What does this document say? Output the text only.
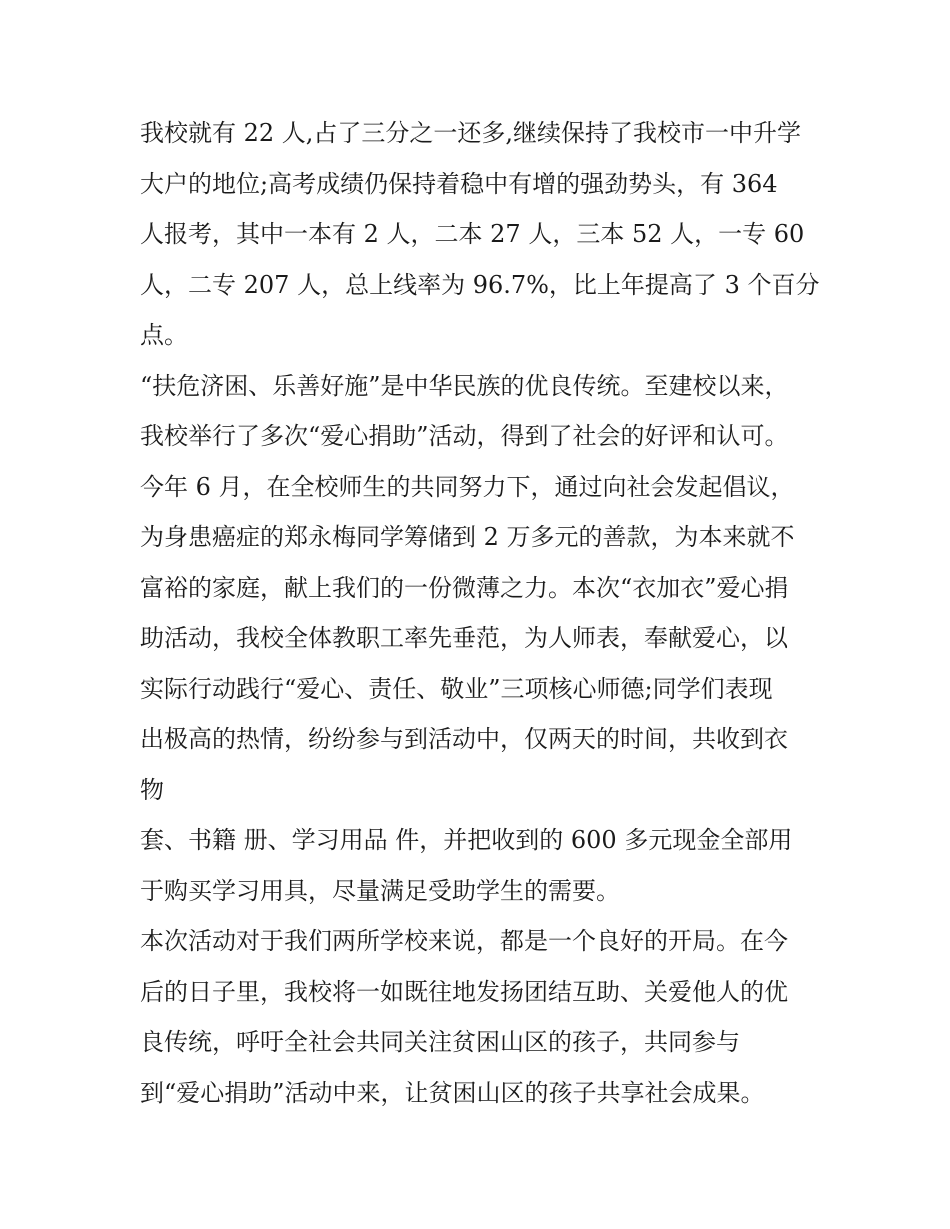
我校就有 22 人,占了三分之一还多,继续保持了我校市一中升学
大户的地位;高考成绩仍保持着稳中有增的强劲势头，有 364
人报考，其中一本有 2 人，二本 27 人，三本 52 人，一专 60
人，二专 207 人，总上线率为 96.7%，比上年提高了 3 个百分
点。
“扶危济困、乐善好施”是中华民族的优良传统。至建校以来，
我校举行了多次“爱心捐助”活动，得到了社会的好评和认可。
今年 6 月，在全校师生的共同努力下，通过向社会发起倡议，
为身患癌症的郑永梅同学筹储到 2 万多元的善款，为本来就不
富裕的家庭，献上我们的一份微薄之力。本次“衣加衣”爱心捐
助活动，我校全体教职工率先垂范，为人师表，奉献爱心，以
实际行动践行“爱心、责任、敬业”三项核心师德;同学们表现
出极高的热情，纷纷参与到活动中，仅两天的时间，共收到衣
物
套、书籍 册、学习用品 件，并把收到的 600 多元现金全部用
于购买学习用具，尽量满足受助学生的需要。
本次活动对于我们两所学校来说，都是一个良好的开局。在今
后的日子里，我校将一如既往地发扬团结互助、关爱他人的优
良传统，呼吁全社会共同关注贫困山区的孩子，共同参与
到“爱心捐助”活动中来，让贫困山区的孩子共享社会成果。
